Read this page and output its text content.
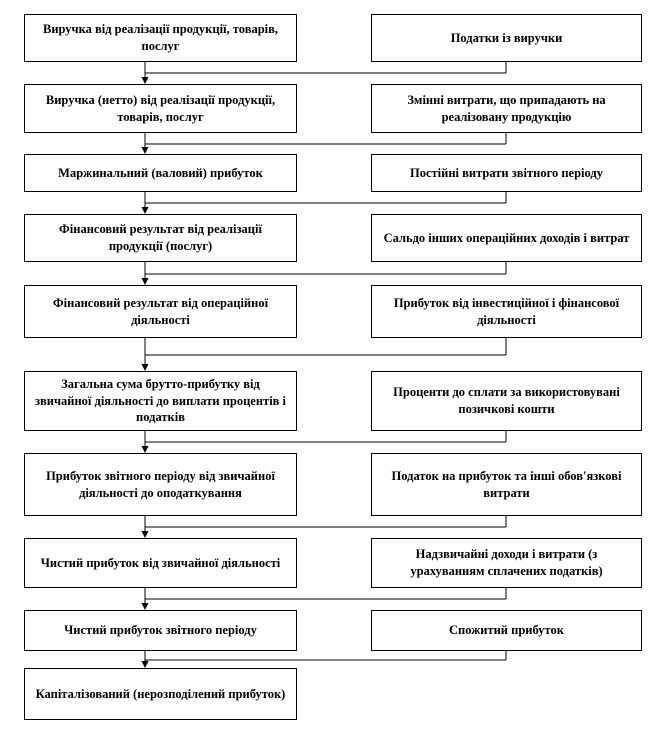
Виручка від реалізації продукції, товарів, послуг
Виручка (нетто) від реалізації продукції, товарів, послуг
Маржинальний (валовий) прибуток
Фінансовий результат від реалізації продукції (послуг)
Фінансовий результат від операційної діяльності
Загальна сума брутто-прибутку від звичайної діяльності до виплати процентів і податків
Прибуток звітного періоду від звичайної діяльності до оподаткування
Чистий прибуток від звичайної діяльності
Чистий прибуток звітного періоду
Капіталізований (нерозподілений прибуток)
Податки із виручки
Змінні витрати, що припадають на реалізовану продукцію
Постійні витрати звітного періоду
Сальдо інших операційних доходів і витрат
Прибуток від інвестиційної і фінансової діяльності
Проценти до сплати за використовувані позичкові кошти
Податок на прибуток та інші обов'язкові витрати
Надзвичайні доходи і витрати (з урахуванням сплачених податків)
Спожитий прибуток
